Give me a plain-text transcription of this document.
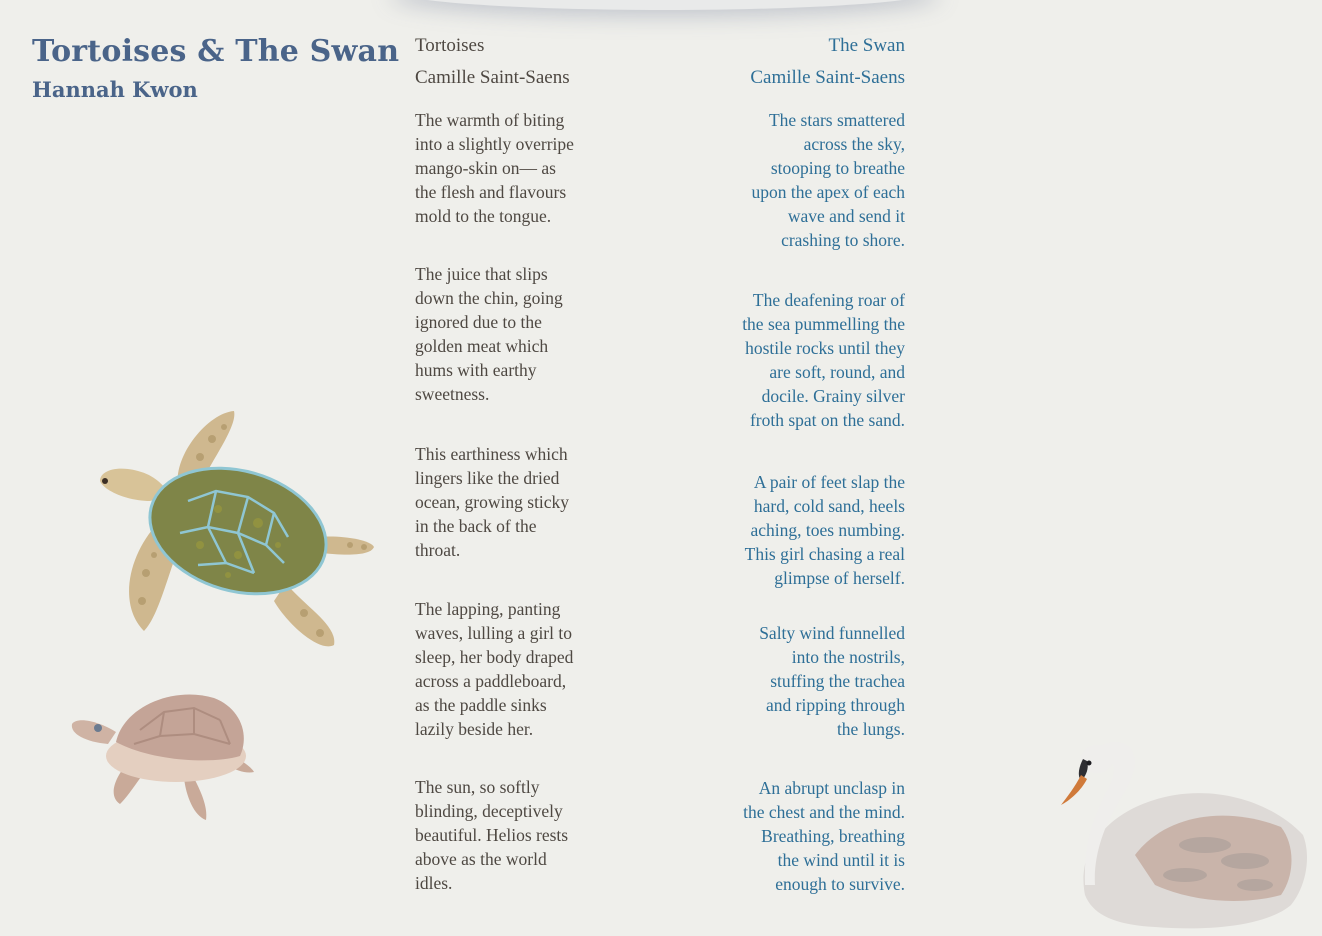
Tortoises & The Swan
Hannah Kwon

Tortoises

Camille Saint-Saens

The warmth of biting
into a slightly overripe
mango-skin on— as
the flesh and flavours
mold to the tongue.

The juice that slips
down the chin, going
ignored due to the
golden meat which
hums with earthy
sweetness.

This earthiness which
lingers like the dried
ocean, growing sticky
in the back of the
throat.

The lapping, panting
waves, lulling a girl to
sleep, her body draped
across a paddleboard,
as the paddle sinks
lazily beside her.

The sun, so softly
blinding, deceptively
beautiful. Helios rests
above as the world
idles.

The Swan

Camille Saint-Saens

The stars smattered
across the sky,
stooping to breathe
upon the apex of each
wave and send it
crashing to shore.

The deafening roar of
the sea pummelling the
hostile rocks until they
are soft, round, and
docile. Grainy silver
froth spat on the sand.

A pair of feet slap the
hard, cold sand, heels
aching, toes numbing.
This girl chasing a real
glimpse of herself.

Salty wind funnelled
into the nostrils,
stuffing the trachea
and ripping through
the lungs.

An abrupt unclasp in
the chest and the mind.
Breathing, breathing
the wind until it is
enough to survive.
